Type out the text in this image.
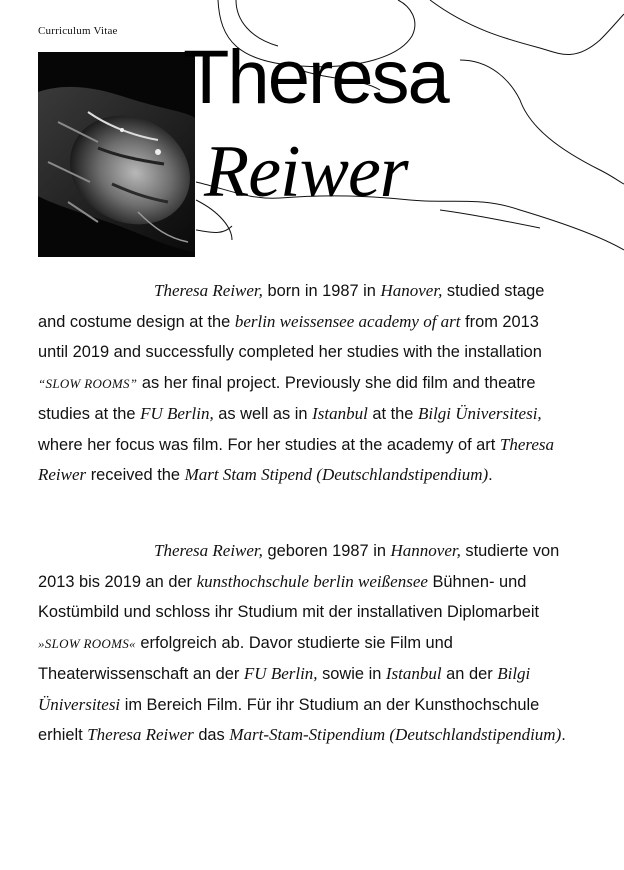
Curriculum Vitae
Theresa
Reiwer

Theresa Reiwer, born in 1987 in Hanover, studied stage and costume design at the berlin weissensee academy of art from 2013 until 2019 and successfully completed her studies with the installation “SLOW ROOMS” as her final project. Previously she did film and theatre studies at the FU Berlin, as well as in Istanbul at the Bilgi Üniversitesi, where her focus was film. For her studies at the academy of art Theresa Reiwer received the Mart Stam Stipend (Deutschlandstipendium).

Theresa Reiwer, geboren 1987 in Hannover, studierte von 2013 bis 2019 an der kunsthochschule berlin weißensee Bühnen- und Kostümbild und schloss ihr Studium mit der installativen Diplomarbeit »SLOW ROOMS« erfolgreich ab. Davor studierte sie Film und Theaterwissenschaft an der FU Berlin, sowie in Istanbul an der Bilgi Üniversitesi im Bereich Film. Für ihr Studium an der Kunsthochschule erhielt Theresa Reiwer das Mart-Stam-Stipendium (Deutschlandstipendium).
